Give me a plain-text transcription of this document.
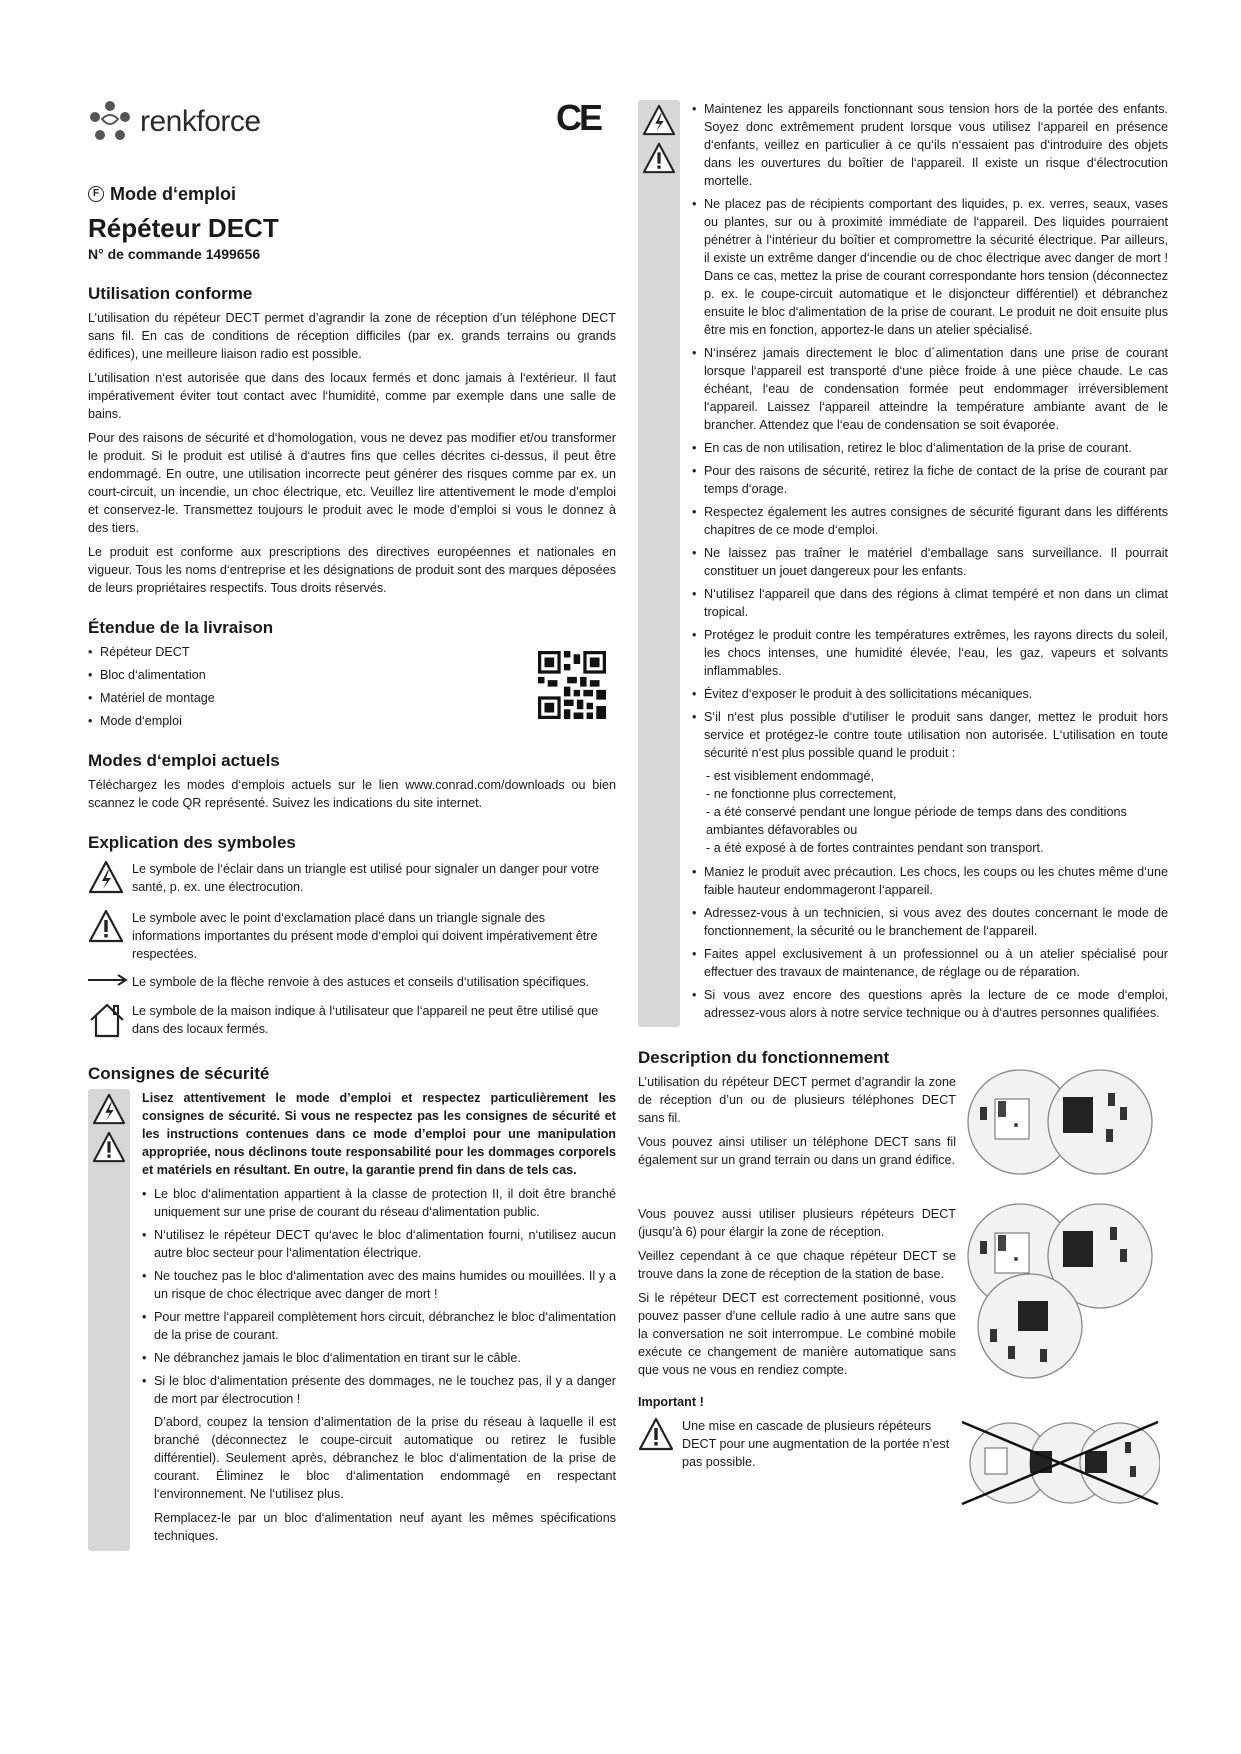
renkforce	CE
F Mode d‘emploi
Répéteur DECT
N° de commande 1499656
Utilisation conforme

L’utilisation du répéteur DECT permet d’agrandir la zone de réception d’un téléphone DECT sans fil. En cas de conditions de réception difficiles (par ex. grands terrains ou grands édifices), une meilleure liaison radio est possible.

L’utilisation n‘est autorisée que dans des locaux fermés et donc jamais à l‘extérieur. Il faut impérativement éviter tout contact avec l‘humidité, comme par exemple dans une salle de bains.

Pour des raisons de sécurité et d‘homologation, vous ne devez pas modifier et/ou transformer le produit. Si le produit est utilisé à d‘autres fins que celles décrites ci-dessus, il peut être endommagé. En outre, une utilisation incorrecte peut générer des risques comme par ex. un court-circuit, un incendie, un choc électrique, etc. Veuillez lire attentivement le mode d’emploi et conservez-le. Transmettez toujours le produit avec le mode d’emploi si vous le donnez à des tiers.

Le produit est conforme aux prescriptions des directives européennes et nationales en vigueur. Tous les noms d‘entreprise et les désignations de produit sont des marques déposées de leurs propriétaires respectifs. Tous droits réservés.

Étendue de la livraison
• Répéteur DECT
• Bloc d‘alimentation
• Matériel de montage
• Mode d‘emploi
Modes d‘emploi actuels

Téléchargez les modes d‘emplois actuels sur le lien www.conrad.com/downloads ou bien scannez le code QR représenté. Suivez les indications du site internet.

Explication des symboles
Le symbole de l‘éclair dans un triangle est utilisé pour signaler un danger pour votre santé, p. ex. une électrocution.
Le symbole avec le point d‘exclamation placé dans un triangle signale des informations importantes du présent mode d‘emploi qui doivent impérativement être respectées.
Le symbole de la flèche renvoie à des astuces et conseils d‘utilisation spécifiques.
Le symbole de la maison indique à l‘utilisateur que l‘appareil ne peut être utilisé que dans des locaux fermés.
Consignes de sécurité

Lisez attentivement le mode d’emploi et respectez particulièrement les consignes de sécurité. Si vous ne respectez pas les consignes de sécurité et les instructions contenues dans ce mode d’emploi pour une manipulation appropriée, nous déclinons toute responsabilité pour les dommages corporels et matériels en résultant. En outre, la garantie prend fin dans de tels cas.

• Le bloc d‘alimentation appartient à la classe de protection II, il doit être branché uniquement sur une prise de courant du réseau d‘alimentation public.
• N‘utilisez le répéteur DECT qu‘avec le bloc d‘alimentation fourni, n‘utilisez aucun autre bloc secteur pour l‘alimentation électrique.
• Ne touchez pas le bloc d‘alimentation avec des mains humides ou mouillées. Il y a un risque de choc électrique avec danger de mort !
• Pour mettre l‘appareil complètement hors circuit, débranchez le bloc d‘alimentation de la prise de courant.
• Ne débranchez jamais le bloc d‘alimentation en tirant sur le câble.
• Si le bloc d‘alimentation présente des dommages, ne le touchez pas, il y a danger de mort par électrocution !

D’abord, coupez la tension d’alimentation de la prise du réseau à laquelle il est branché (déconnectez le coupe-circuit automatique ou retirez le fusible différentiel). Seulement après, débranchez le bloc d‘alimentation de la prise de courant. Éliminez le bloc d‘alimentation endommagé en respectant l‘environnement. Ne l‘utilisez plus.

Remplacez-le par un bloc d‘alimentation neuf ayant les mêmes spécifications techniques.

• Maintenez les appareils fonctionnant sous tension hors de la portée des enfants. Soyez donc extrêmement prudent lorsque vous utilisez l‘appareil en présence d‘enfants, veillez en particulier à ce qu‘ils n‘essaient pas d‘introduire des objets dans les ouvertures du boîtier de l‘appareil. Il existe un risque d‘électrocution mortelle.
• Ne placez pas de récipients comportant des liquides, p. ex. verres, seaux, vases ou plantes, sur ou à proximité immédiate de l‘appareil. Des liquides pourraient pénétrer à l‘intérieur du boîtier et compromettre la sécurité électrique. Par ailleurs, il existe un extrême danger d‘incendie ou de choc électrique avec danger de mort ! Dans ce cas, mettez la prise de courant correspondante hors tension (déconnectez p. ex. le coupe-circuit automatique et le disjoncteur différentiel) et débranchez ensuite le bloc d‘alimentation de la prise de courant. Le produit ne doit ensuite plus être mis en fonction, apportez-le dans un atelier spécialisé.
• N‘insérez jamais directement le bloc d´alimentation dans une prise de courant lorsque l‘appareil est transporté d‘une pièce froide à une pièce chaude. Le cas échéant, l‘eau de condensation formée peut endommager irréversiblement l‘appareil. Laissez l‘appareil atteindre la température ambiante avant de le brancher. Attendez que l‘eau de condensation se soit évaporée.
• En cas de non utilisation, retirez le bloc d‘alimentation de la prise de courant.
• Pour des raisons de sécurité, retirez la fiche de contact de la prise de courant par temps d‘orage.
• Respectez également les autres consignes de sécurité figurant dans les différents chapitres de ce mode d‘emploi.
• Ne laissez pas traîner le matériel d‘emballage sans surveillance. Il pourrait constituer un jouet dangereux pour les enfants.
• N‘utilisez l‘appareil que dans des régions à climat tempéré et non dans un climat tropical.
• Protégez le produit contre les températures extrêmes, les rayons directs du soleil, les chocs intenses, une humidité élevée, l‘eau, les gaz, vapeurs et solvants inflammables.
• Évitez d‘exposer le produit à des sollicitations mécaniques.
• S‘il n‘est plus possible d‘utiliser le produit sans danger, mettez le produit hors service et protégez-le contre toute utilisation non autorisée. L‘utilisation en toute sécurité n‘est plus possible quand le produit :
- est visiblement endommagé,
- ne fonctionne plus correctement,
- a été conservé pendant une longue période de temps dans des conditions ambiantes défavorables ou
- a été exposé à de fortes contraintes pendant son transport.
• Maniez le produit avec précaution. Les chocs, les coups ou les chutes même d‘une faible hauteur endommageront l‘appareil.
• Adressez-vous à un technicien, si vous avez des doutes concernant le mode de fonctionnement, la sécurité ou le branchement de l‘appareil.
• Faites appel exclusivement à un professionnel ou à un atelier spécialisé pour effectuer des travaux de maintenance, de réglage ou de réparation.
• Si vous avez encore des questions après la lecture de ce mode d‘emploi, adressez-vous alors à notre service technique ou à d‘autres personnes qualifiées.
Description du fonctionnement

L’utilisation du répéteur DECT permet d’agrandir la zone de réception d’un ou de plusieurs téléphones DECT sans fil.

Vous pouvez ainsi utiliser un téléphone DECT sans fil également sur un grand terrain ou dans un grand édifice.

Vous pouvez aussi utiliser plusieurs répéteurs DECT (jusqu’à 6) pour élargir la zone de réception.

Veillez cependant à ce que chaque répéteur DECT se trouve dans la zone de réception de la station de base.

Si le répéteur DECT est correctement positionné, vous pouvez passer d’une cellule radio à une autre sans que la conversation ne soit interrompue. Le combiné mobile exécute ce changement de manière automatique sans que vous ne vous en rendiez compte.

Important !
Une mise en cascade de plusieurs répéteurs DECT pour une augmentation de la portée n’est pas possible.
